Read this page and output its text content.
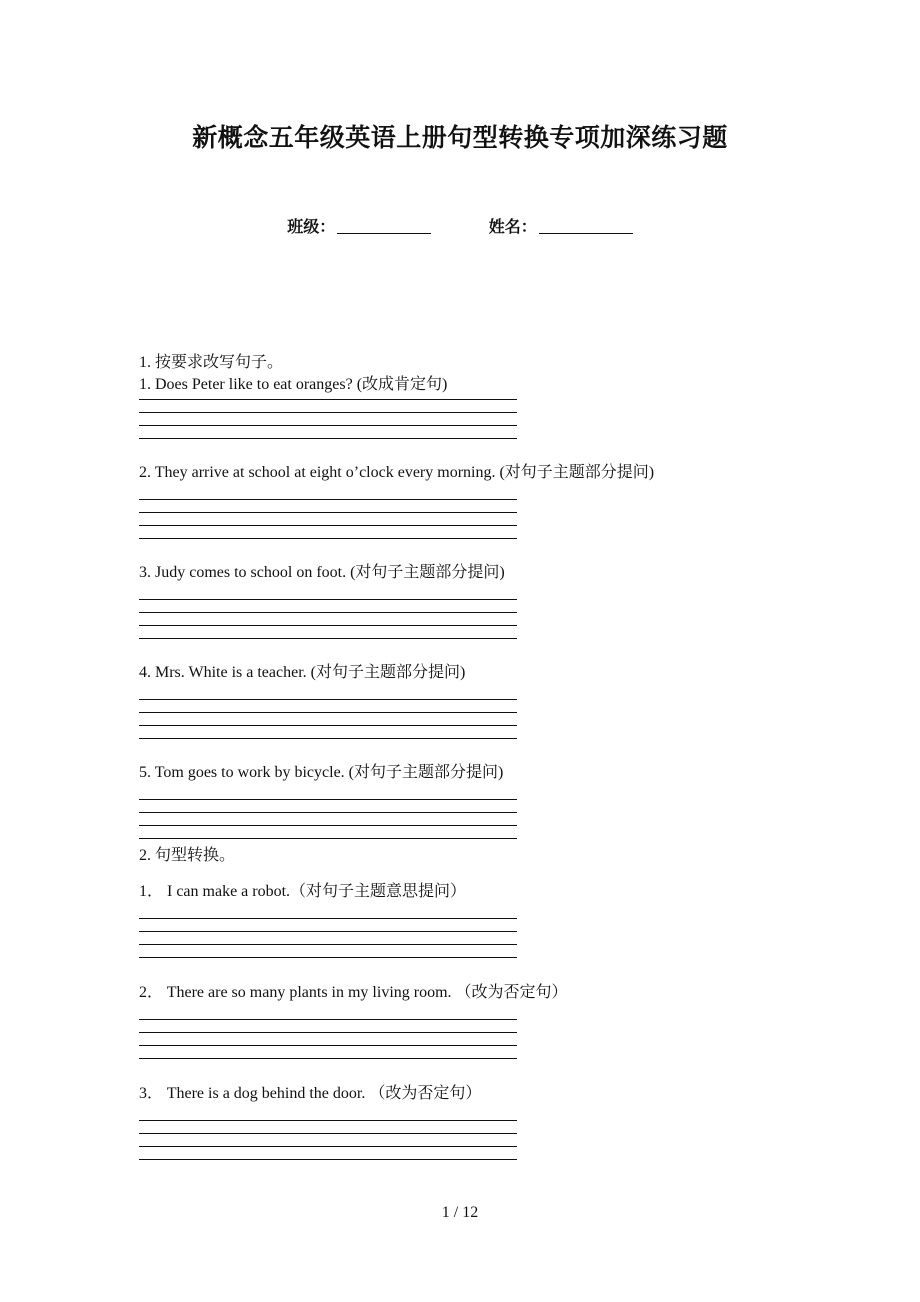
新概念五年级英语上册句型转换专项加深练习题
班级：	姓名：
1. 按要求改写句子。
1. Does Peter like to eat oranges? (改成肯定句)
2. They arrive at school at eight o’clock every morning. (对句子主题部分提问)
3. Judy comes to school on foot. (对句子主题部分提问)
4. Mrs. White is a teacher. (对句子主题部分提问)
5. Tom goes to work by bicycle. (对句子主题部分提问)
2. 句型转换。
1． I can make a robot.（对句子主题意思提问）
2． There are so many plants in my living room. （改为否定句）
3． There is a dog behind the door. （改为否定句）
1 / 12
